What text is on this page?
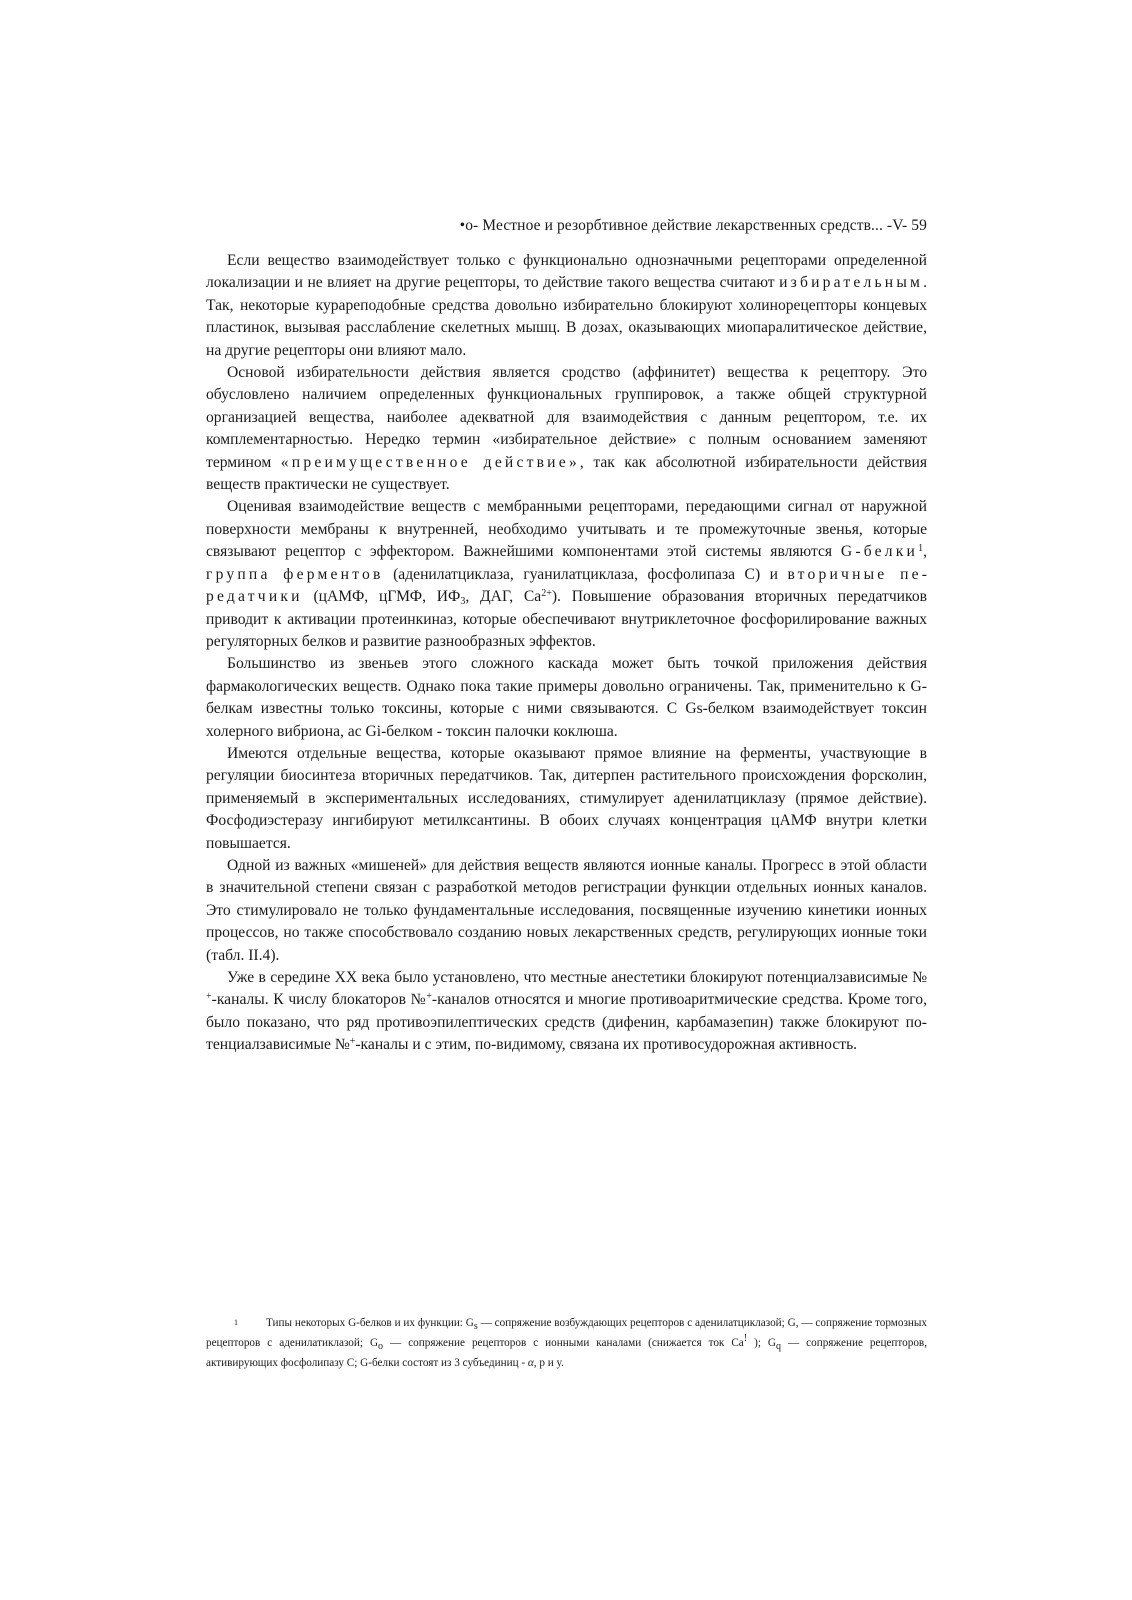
•о- Местное и резорбтивное действие лекарственных средств... -V- 59

Если вещество взаимодействует только с функционально однозначными рецепторами определенной локализации и не влияет на другие рецепторы, то действие такого вещества считают избирательным. Так, некоторые курареподобные средства довольно избирательно блокируют холинорецепторы концевых пластинок, вызывая расслабление скелетных мышц. В дозах, оказывающих миопаралитическое действие, на другие рецепторы они влияют мало.

Основой избирательности действия является сродство (аффинитет) вещества к рецептору. Это обусловлено наличием определенных функциональных группировок, а также общей структурной организацией вещества, наиболее адекватной для взаимодействия с данным рецептором, т.е. их комплементарностью. Нередко термин «избирательное действие» с полным основанием заменяют термином «преимущественное действие», так как абсолютной избирательности действия веществ практически не существует.

Оценивая взаимодействие веществ с мембранными рецепторами, передающими сигнал от наружной поверхности мембраны к внутренней, необходимо учитывать и те промежуточные звенья, которые связывают рецептор с эффектором. Важнейшими компонентами этой системы являются G-белки$^1$, группа ферментов (аденилатциклаза, гуанилатциклаза, фосфолипаза С) и вторичные передатчики (цАМФ, цГМФ, $ИФ_3$, ДАГ, $Са^{2+}$). Повышение образования вторичных передатчиков приводит к активации протеинкиназ, которые обеспечивают внутриклеточное фосфорилирование важных регуляторных белков и развитие разнообразных эффектов.

Большинство из звеньев этого сложного каскада может быть точкой приложения действия фармакологических веществ. Однако пока такие примеры довольно ограничены. Так, применительно к G-белкам известны только токсины, которые с ними связываются. С Gs-белком взаимодействует токсин холерного вибриона, ас Gi-белком - токсин палочки коклюша.

Имеются отдельные вещества, которые оказывают прямое влияние на ферменты, участвующие в регуляции биосинтеза вторичных передатчиков. Так, дитерпен растительного происхождения форсколин, применяемый в экспериментальных исследованиях, стимулирует аденилатциклазу (прямое действие). Фосфодиэстеразу ингибируют метилксантины. В обоих случаях концентрация цАМФ внутри клетки повышается.

Одной из важных «мишеней» для действия веществ являются ионные каналы. Прогресс в этой области в значительной степени связан с разработкой методов регистрации функции отдельных ионных каналов. Это стимулировало не только фундаментальные исследования, посвященные изучению кинетики ионных процессов, но также способствовало созданию новых лекарственных средств, регулирующих ионные токи (табл. II.4).

Уже в середине XX века было установлено, что местные анестетики блокируют потенциалзависимые №+-каналы. К числу блокаторов №+-каналов относятся и многие противоаритмические средства. Кроме того, было показано, что ряд противоэпилептических средств (дифенин, карбамазепин) также блокируют потенциалзависимые №+-каналы и с этим, по-видимому, связана их противосудорожная активность.

1	Типы некоторых G-белков и их функции: $G_s$ — сопряжение возбуждающих рецепторов с аденилатциклазой; G, — сопряжение тормозных рецепторов с аденилатиклазой; $G_o$ — сопряжение рецепторов с ионными каналами (снижается ток Са! ); $G_q$ — сопряжение рецепторов, активирующих фосфолипазу С; G-белки состоят из 3 субъединиц - α, р и у.
